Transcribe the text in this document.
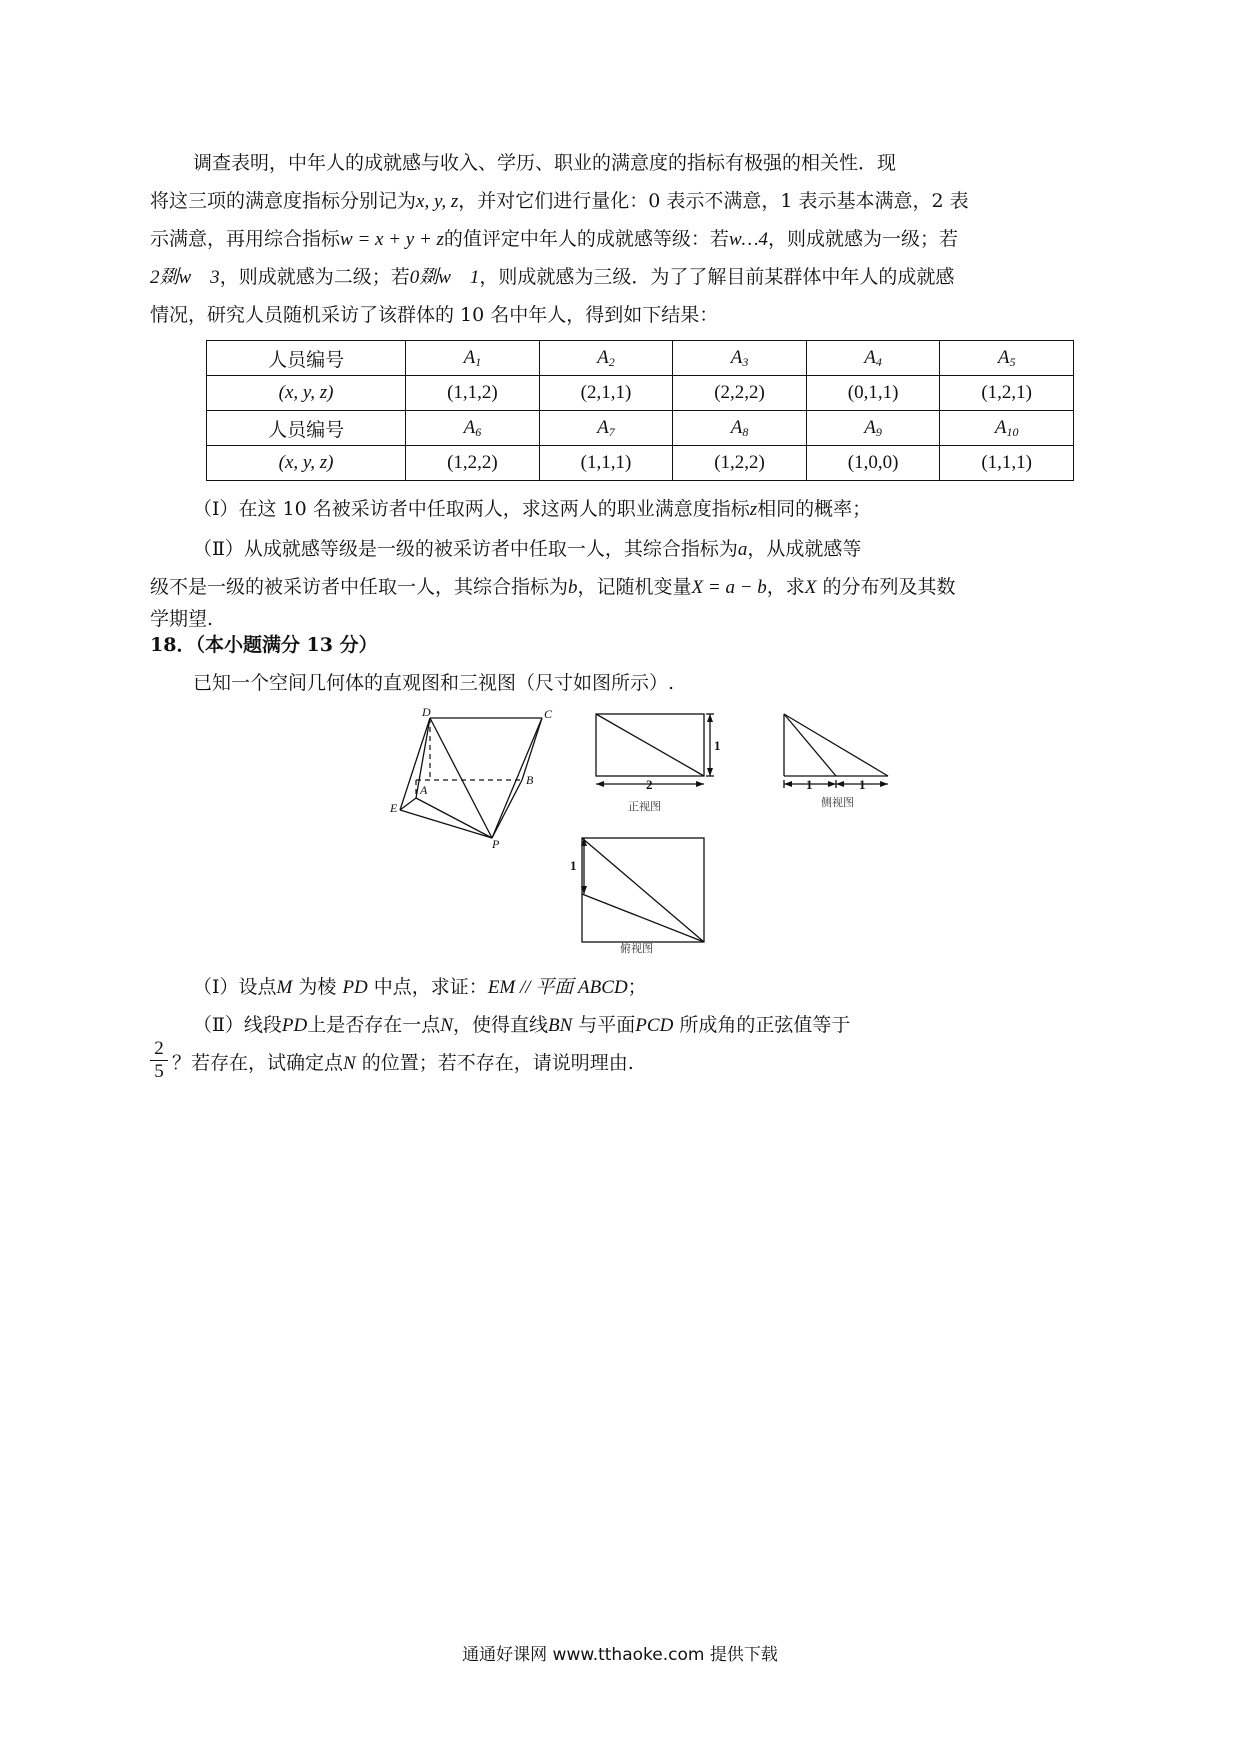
调查表明，中年人的成就感与收入、学历、职业的满意度的指标有极强的相关性．现
将这三项的满意度指标分别记为x, y, z，并对它们进行量化：0 表示不满意，1 表示基本满意，2 表
示满意，再用综合指标w = x + y + z的值评定中年人的成就感等级：若w…4，则成就感为一级；若
2剟w　3，则成就感为二级；若0剟w　1，则成就感为三级．为了了解目前某群体中年人的成就感
情况，研究人员随机采访了该群体的 10 名中年人，得到如下结果：
人员编号	$A_1$	$A_2$	$A_3$	$A_4$	$A_5$
(x, y, z)	(1,1,2)	(2,1,1)	(2,2,2)	(0,1,1)	(1,2,1)
人员编号	$A_6$	$A_7$	$A_8$	$A_9$	$A_{10}$
(x, y, z)	(1,2,2)	(1,1,1)	(1,2,2)	(1,0,0)	(1,1,1)
（Ⅰ）在这 10 名被采访者中任取两人，求这两人的职业满意度指标z相同的概率；
（Ⅱ）从成就感等级是一级的被采访者中任取一人，其综合指标为a，从成就感等
级不是一级的被采访者中任取一人，其综合指标为b，记随机变量X = a − b，求X 的分布列及其数
学期望.
18．（本小题满分 13 分）
已知一个空间几何体的直观图和三视图（尺寸如图所示）.
D	C
A
B
E
P
1
2
正视图
1	1
侧视图
1
俯视图
（Ⅰ）设点M 为棱 PD 中点，求证：EM // 平面 ABCD；
（Ⅱ）线段PD上是否存在一点N，使得直线BN 与平面PCD 所成角的正弦值等于
$\frac{2}{5}$ ？若存在，试确定点N 的位置；若不存在，请说明理由.
通通好课网 www.tthaoke.com 提供下载
